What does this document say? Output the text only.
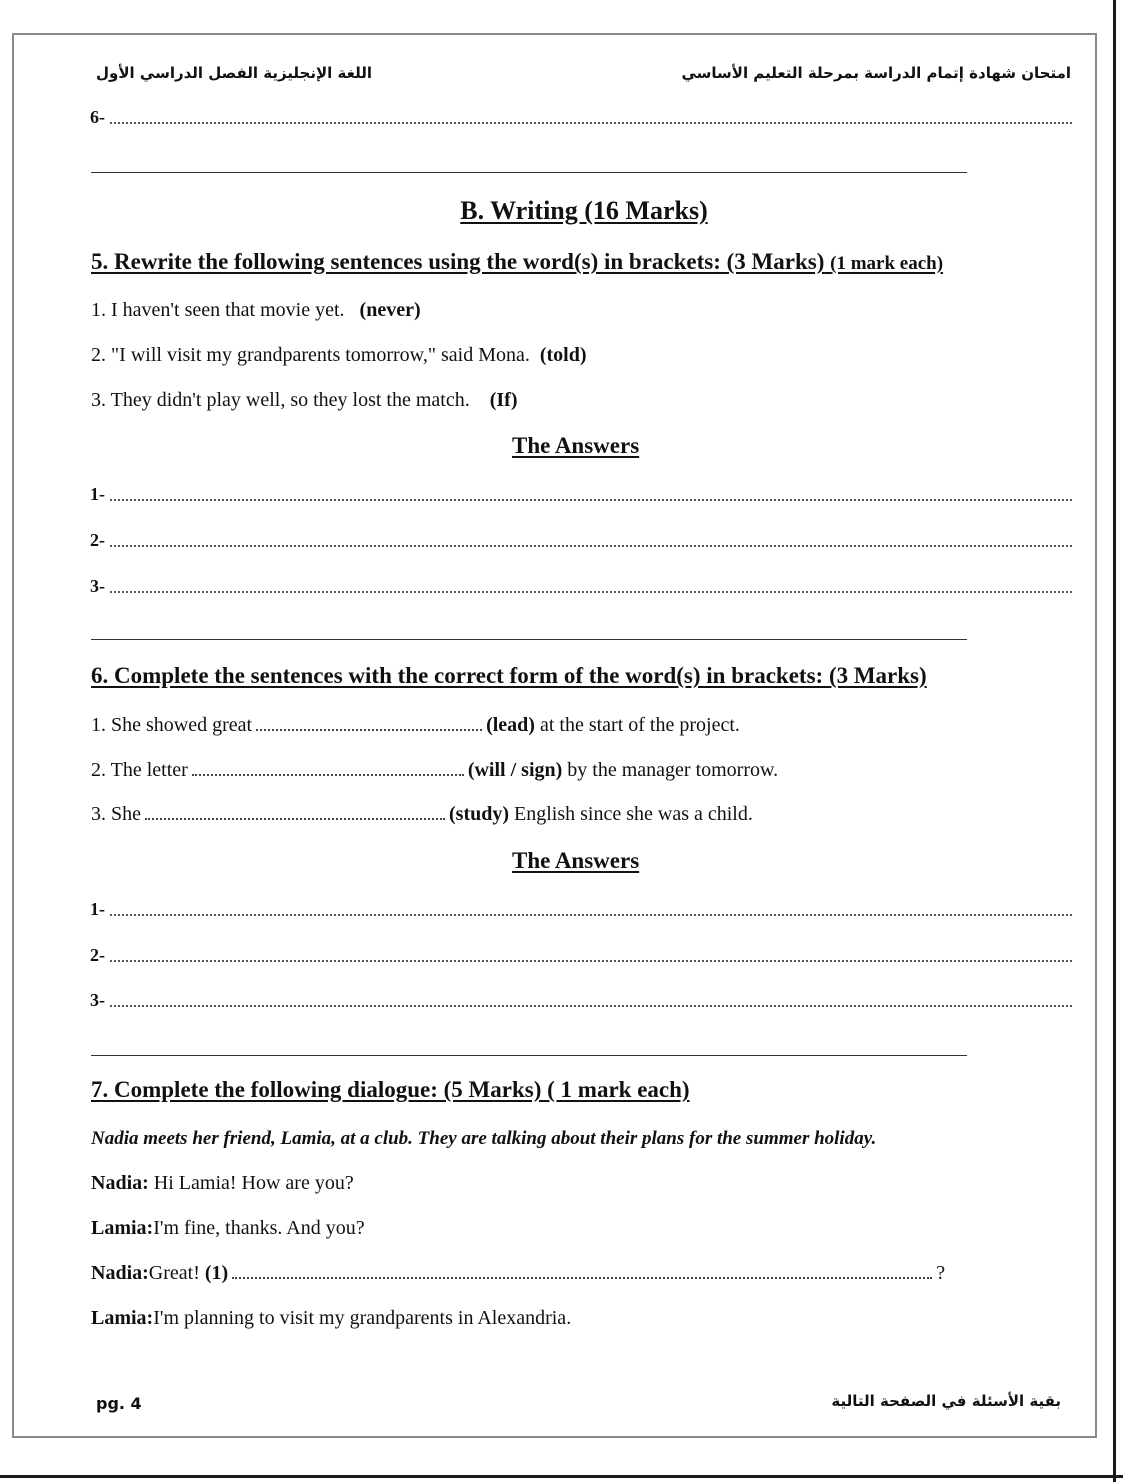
امتحان شهادة إتمام الدراسة بمرحلة التعليم الأساسي
اللغة الإنجليزية الفصل الدراسي الأول
6-
B. Writing (16 Marks)
5. Rewrite the following sentences using the word(s) in brackets: (3 Marks) (1 mark each)
1. I haven't seen that movie yet. (never)
2. "I will visit my grandparents tomorrow," said Mona. (told)
3. They didn't play well, so they lost the match. (If)
The Answers
1-
2-
3-
6. Complete the sentences with the correct form of the word(s) in brackets: (3 Marks)
1. She showed great	(lead) at the start of the project.
2. The letter	(will / sign) by the manager tomorrow.
3. She	(study) English since she was a child.
The Answers
1-
2-
3-
7. Complete the following dialogue: (5 Marks) ( 1 mark each)
Nadia meets her friend, Lamia, at a club. They are talking about their plans for the summer holiday.
Nadia: Hi Lamia! How are you?
Lamia:I'm fine, thanks. And you?
Nadia:Great! (1)	?
Lamia:I'm planning to visit my grandparents in Alexandria.
pg. 4	بقية الأسئلة في الصفحة التالية
